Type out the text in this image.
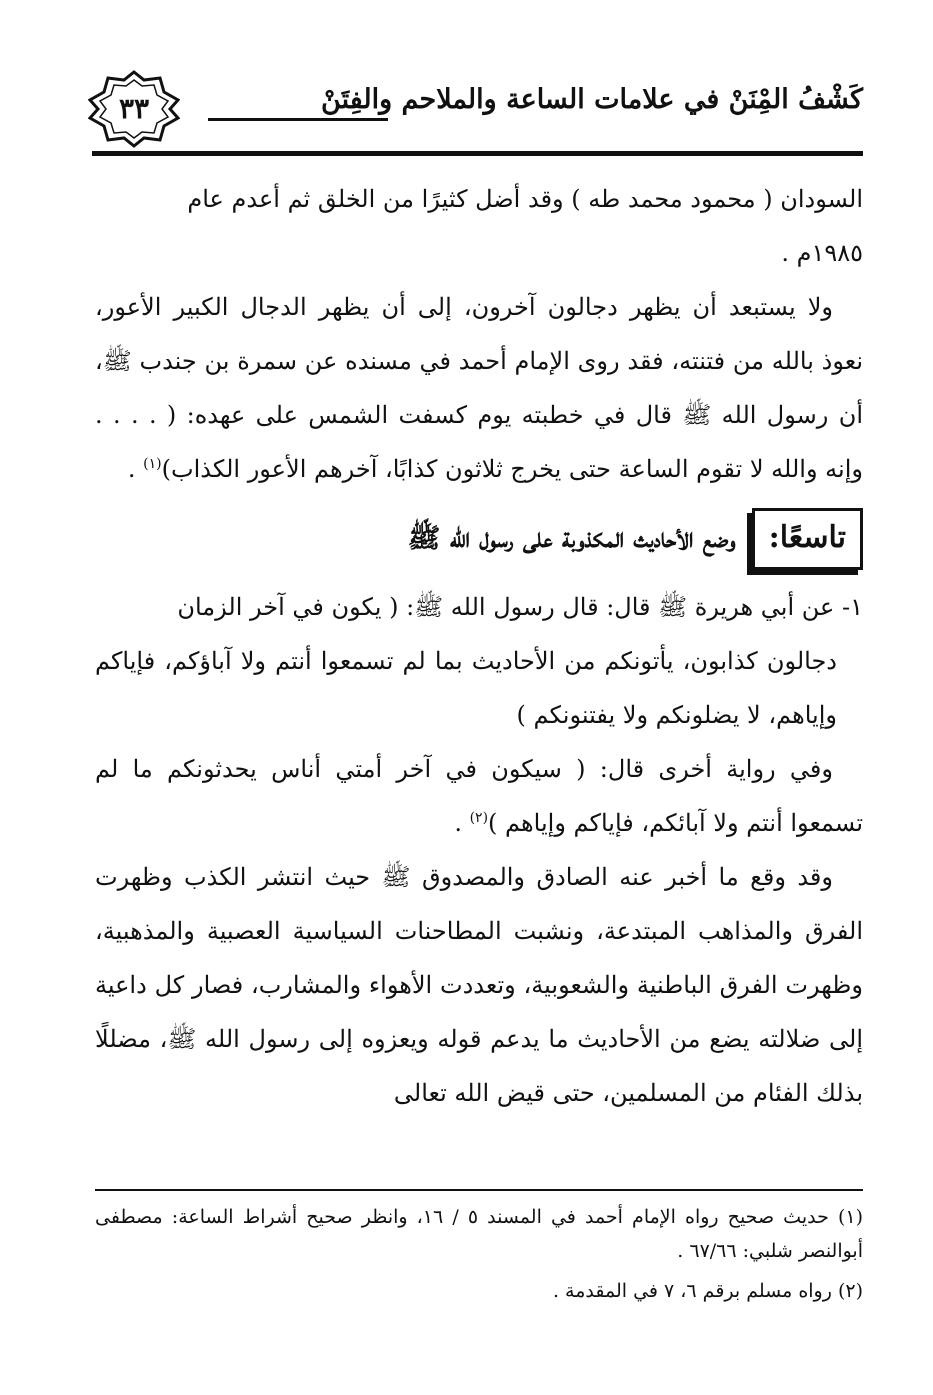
كَشْفُ المِْنَنْ في علامات الساعة والملاحم والفِتَنْ
٣٣

السودان ( محمود محمد طه ) وقد أضل كثيرًا من الخلق ثم أعدم عام

١٩٨٥م .

ولا يستبعد أن يظهر دجالون آخرون، إلى أن يظهر الدجال الكبير الأعور، نعوذ بالله من فتنته، فقد روى الإمام أحمد في مسنده عن سمرة بن جندب ﷺ، أن رسول الله ﷺ قال في خطبته يوم كسفت الشمس على عهده: ( . . . . وإنه والله لا تقوم الساعة حتى يخرج ثلاثون كذابًا، آخرهم الأعور الكذاب)$^{(١)}$ .

تاسعًا:
وضع الأحاديث المكذوبة على رسول الله ﷺ

١- عن أبي هريرة ﷺ قال: قال رسول الله ﷺ: ( يكون في آخر الزمان

دجالون كذابون، يأتونكم من الأحاديث بما لم تسمعوا أنتم ولا آباؤكم، فإياكم وإياهم، لا يضلونكم ولا يفتنونكم )

وفي رواية أخرى قال: ( سيكون في آخر أمتي أناس يحدثونكم ما لم تسمعوا أنتم ولا آبائكم، فإياكم وإياهم )$^{(٢)}$ .

وقد وقع ما أخبر عنه الصادق والمصدوق ﷺ حيث انتشر الكذب وظهرت الفرق والمذاهب المبتدعة، ونشبت المطاحنات السياسية العصبية والمذهبية، وظهرت الفرق الباطنية والشعوبية، وتعددت الأهواء والمشارب، فصار كل داعية إلى ضلالته يضع من الأحاديث ما يدعم قوله ويعزوه إلى رسول الله ﷺ، مضللًا بذلك الفئام من المسلمين، حتى قيض الله تعالى

(١) حديث صحيح رواه الإمام أحمد في المسند ٥ / ١٦، وانظر صحيح أشراط الساعة: مصطفى أبوالنصر شلبي: ٦٧/٦٦ .

(٢) رواه مسلم برقم ٦، ٧ في المقدمة .
